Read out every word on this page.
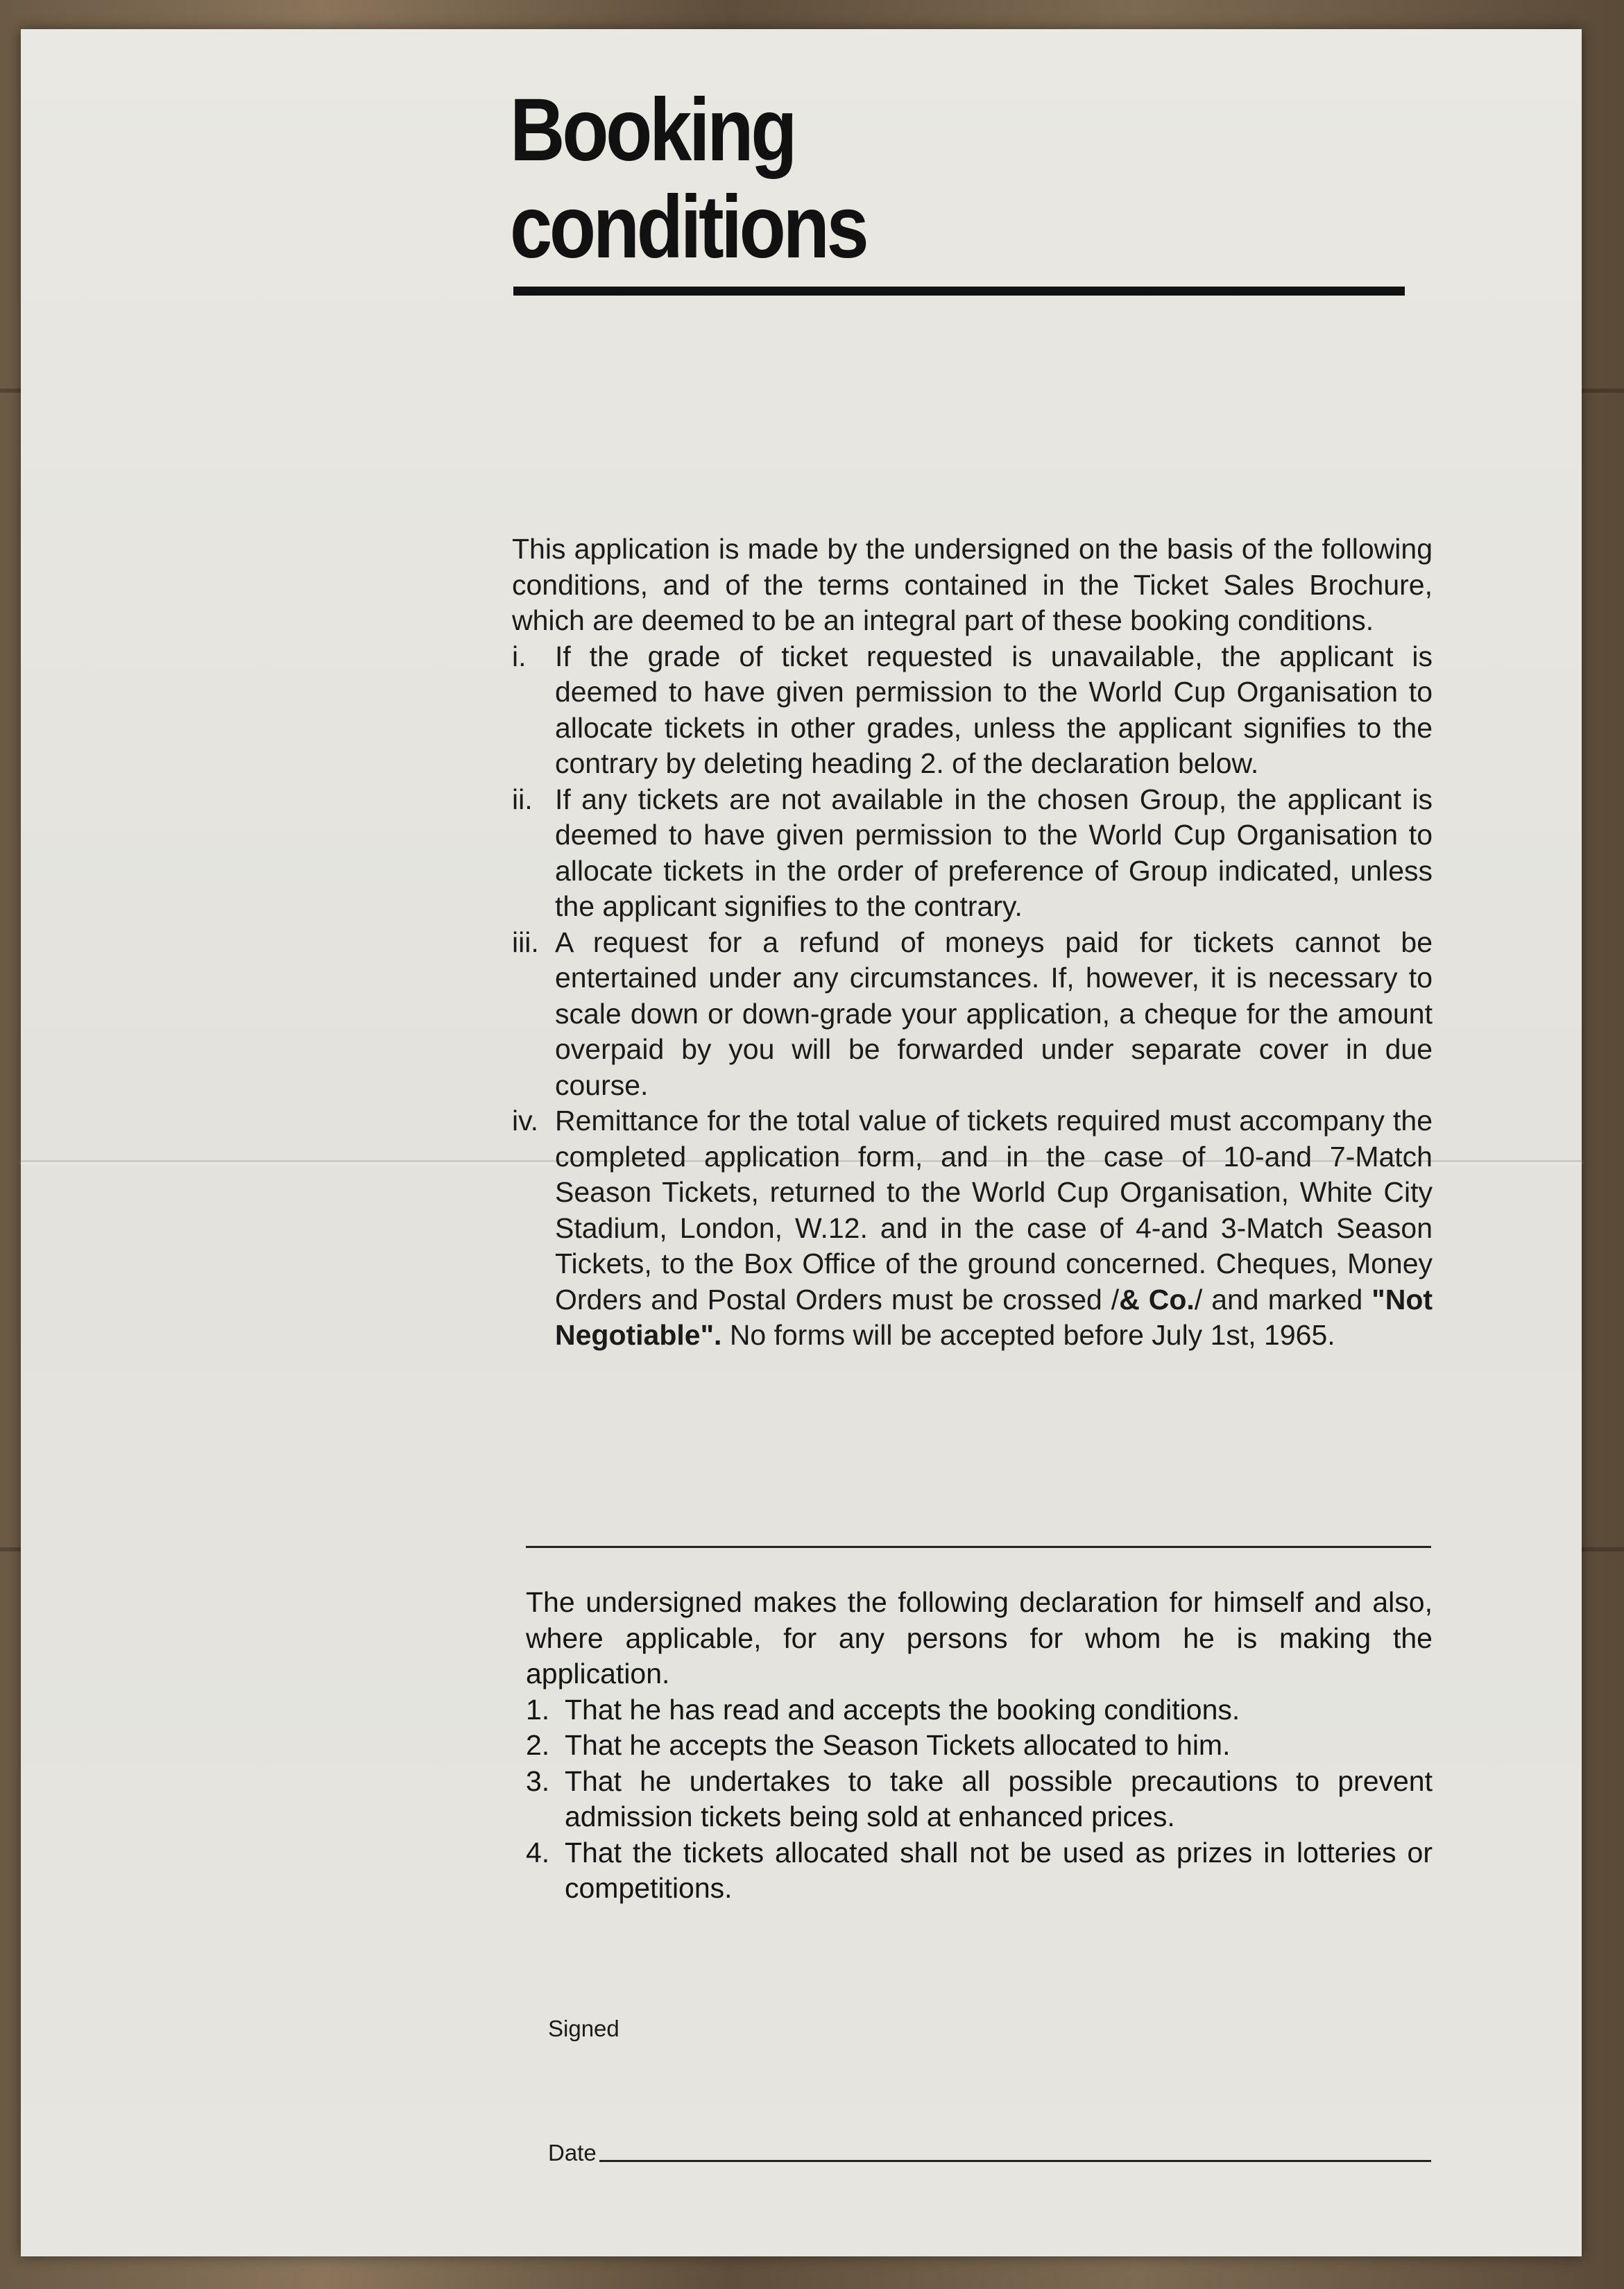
Booking
conditions

This application is made by the undersigned on the basis of the following conditions, and of the terms contained in the Ticket Sales Brochure, which are deemed to be an integral part of these booking conditions.

i.	If the grade of ticket requested is unavailable, the applicant is deemed to have given permission to the World Cup Organisation to allocate tickets in other grades, unless the applicant signifies to the contrary by deleting heading 2. of the declaration below.
ii. If any tickets are not available in the chosen Group, the applicant is deemed to have given permission to the World Cup Organisation to allocate tickets in the order of preference of Group indicated, unless the applicant signifies to the contrary.
iii. A request for a refund of moneys paid for tickets cannot be entertained under any circumstances. If, however, it is necessary to scale down or down-grade your application, a cheque for the amount overpaid by you will be forwarded under separate cover in due course.
iv. Remittance for the total value of tickets required must accompany the completed application form, and in the case of 10-and 7-Match Season Tickets, returned to the World Cup Organisation, White City Stadium, London, W.12. and in the case of 4-and 3-Match Season Tickets, to the Box Office of the ground concerned. Cheques, Money Orders and Postal Orders must be crossed /& Co./ and marked "Not Negotiable". No forms will be accepted before July 1st, 1965.

The undersigned makes the following declaration for himself and also, where applicable, for any persons for whom he is making the application.

1. That he has read and accepts the booking conditions.
2. That he accepts the Season Tickets allocated to him.
3. That he undertakes to take all possible precautions to prevent admission tickets being sold at enhanced prices.
4. That the tickets allocated shall not be used as prizes in lotteries or competitions.
Signed
Date
